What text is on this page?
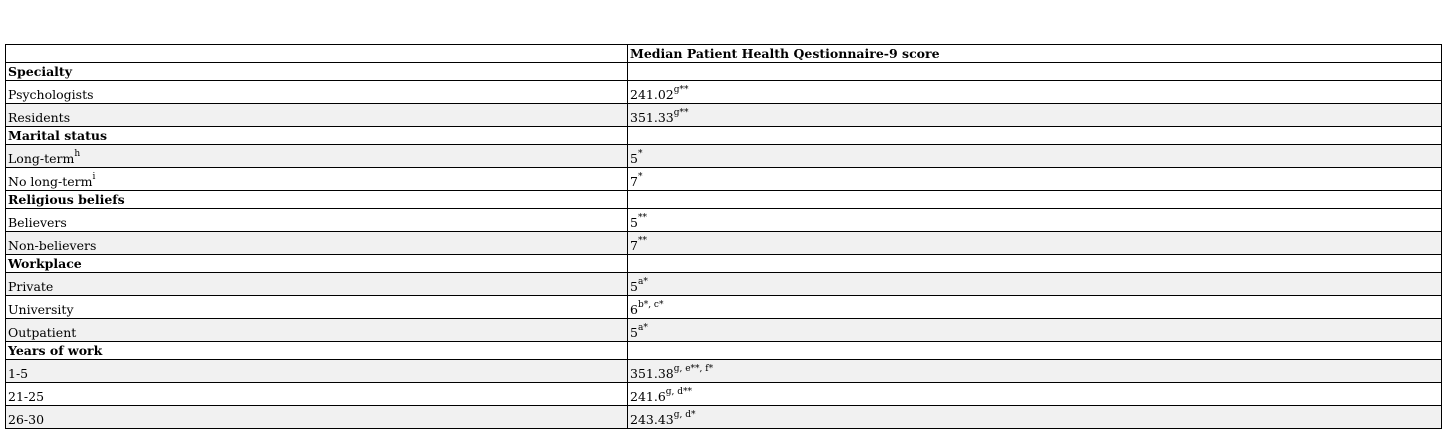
	Median Patient Health Qestionnaire-9 score
Specialty	
Psychologists	$241.02^{g**}$
Residents	$351.33^{g**}$
Marital status	
Long-term$^h$	5*
No long-term$^i$	7*
Religious beliefs	
Believers	5**
Non-believers	7**
Workplace	
Private	$5^{a*}$
University	$6^{b*, c*}$
Outpatient	$5^{a*}$
Years of work	
1-5	$351.38^{g, e**, f*}$
21-25	$241.6^{g, d**}$
26-30	$243.43^{g, d*}$
